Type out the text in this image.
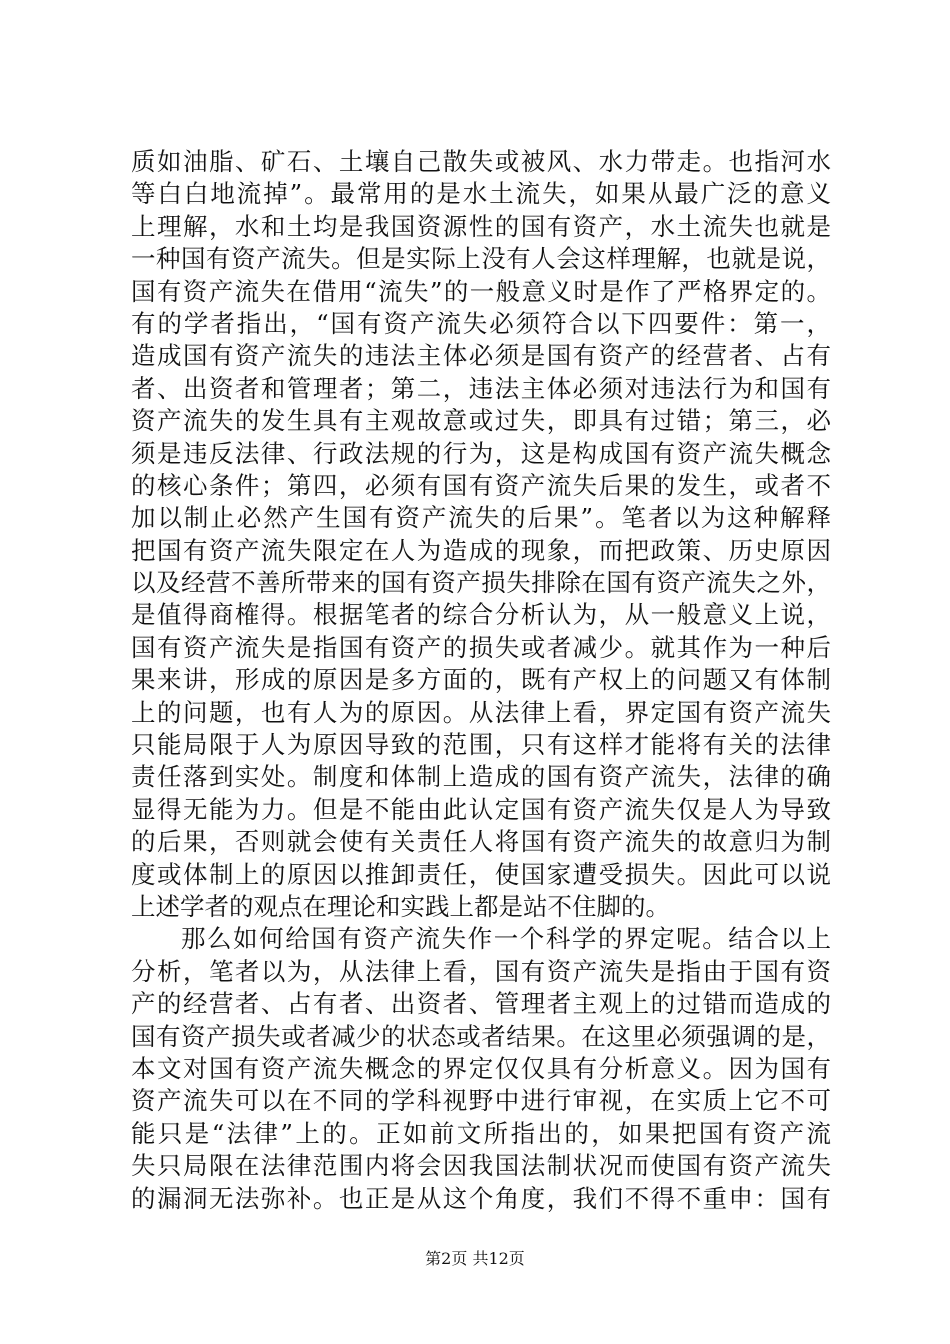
质如油脂、矿石、土壤自己散失或被风、水力带走。也指河水
等白白地流掉”。最常用的是水土流失，如果从最广泛的意义
上理解，水和土均是我国资源性的国有资产，水土流失也就是
一种国有资产流失。但是实际上没有人会这样理解，也就是说，
国有资产流失在借用“流失”的一般意义时是作了严格界定的。
有的学者指出，“国有资产流失必须符合以下四要件：第一，
造成国有资产流失的违法主体必须是国有资产的经营者、占有
者、出资者和管理者；第二，违法主体必须对违法行为和国有
资产流失的发生具有主观故意或过失，即具有过错；第三，必
须是违反法律、行政法规的行为，这是构成国有资产流失概念
的核心条件；第四，必须有国有资产流失后果的发生，或者不
加以制止必然产生国有资产流失的后果”。笔者以为这种解释
把国有资产流失限定在人为造成的现象，而把政策、历史原因
以及经营不善所带来的国有资产损失排除在国有资产流失之外，
是值得商榷得。根据笔者的综合分析认为，从一般意义上说，
国有资产流失是指国有资产的损失或者减少。就其作为一种后
果来讲，形成的原因是多方面的，既有产权上的问题又有体制
上的问题，也有人为的原因。从法律上看，界定国有资产流失
只能局限于人为原因导致的范围，只有这样才能将有关的法律
责任落到实处。制度和体制上造成的国有资产流失，法律的确
显得无能为力。但是不能由此认定国有资产流失仅是人为导致
的后果，否则就会使有关责任人将国有资产流失的故意归为制
度或体制上的原因以推卸责任，使国家遭受损失。因此可以说
上述学者的观点在理论和实践上都是站不住脚的。
那么如何给国有资产流失作一个科学的界定呢。结合以上
分析，笔者以为，从法律上看，国有资产流失是指由于国有资
产的经营者、占有者、出资者、管理者主观上的过错而造成的
国有资产损失或者减少的状态或者结果。在这里必须强调的是，
本文对国有资产流失概念的界定仅仅具有分析意义。因为国有
资产流失可以在不同的学科视野中进行审视，在实质上它不可
能只是“法律”上的。正如前文所指出的，如果把国有资产流
失只局限在法律范围内将会因我国法制状况而使国有资产流失
的漏洞无法弥补。也正是从这个角度，我们不得不重申：国有
第2页 共12页
